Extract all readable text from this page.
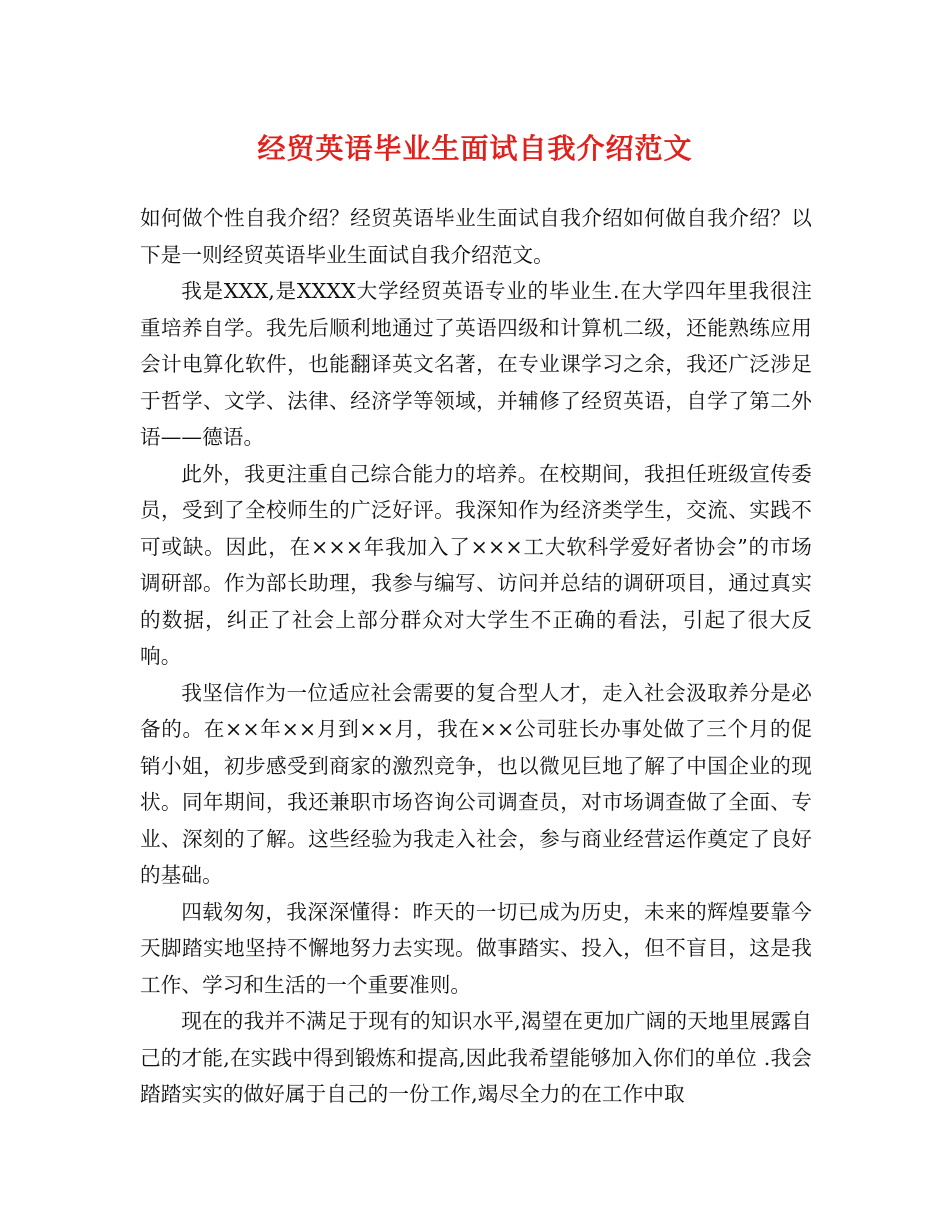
经贸英语毕业生面试自我介绍范文

如何做个性自我介绍？经贸英语毕业生面试自我介绍如何做自我介绍？以下是一则经贸英语毕业生面试自我介绍范文。

我是XXX,是XXXX大学经贸英语专业的毕业生.在大学四年里我很注重培养自学。我先后顺利地通过了英语四级和计算机二级，还能熟练应用会计电算化软件，也能翻译英文名著，在专业课学习之余，我还广泛涉足于哲学、文学、法律、经济学等领域，并辅修了经贸英语，自学了第二外语——德语。

此外，我更注重自己综合能力的培养。在校期间，我担任班级宣传委员，受到了全校师生的广泛好评。我深知作为经济类学生，交流、实践不可或缺。因此，在×××年我加入了×××工大软科学爱好者协会”的市场调研部。作为部长助理，我参与编写、访问并总结的调研项目，通过真实的数据，纠正了社会上部分群众对大学生不正确的看法，引起了很大反响。

我坚信作为一位适应社会需要的复合型人才，走入社会汲取养分是必备的。在××年××月到××月，我在××公司驻长办事处做了三个月的促销小姐，初步感受到商家的激烈竞争，也以微见巨地了解了中国企业的现状。同年期间，我还兼职市场咨询公司调查员，对市场调查做了全面、专业、深刻的了解。这些经验为我走入社会，参与商业经营运作奠定了良好的基础。

四载匆匆，我深深懂得：昨天的一切已成为历史，未来的辉煌要靠今天脚踏实地坚持不懈地努力去实现。做事踏实、投入，但不盲目，这是我工作、学习和生活的一个重要准则。

现在的我并不满足于现有的知识水平,渴望在更加广阔的天地里展露自己的才能,在实践中得到锻炼和提高,因此我希望能够加入你们的单位 .我会踏踏实实的做好属于自己的一份工作,竭尽全力的在工作中取
